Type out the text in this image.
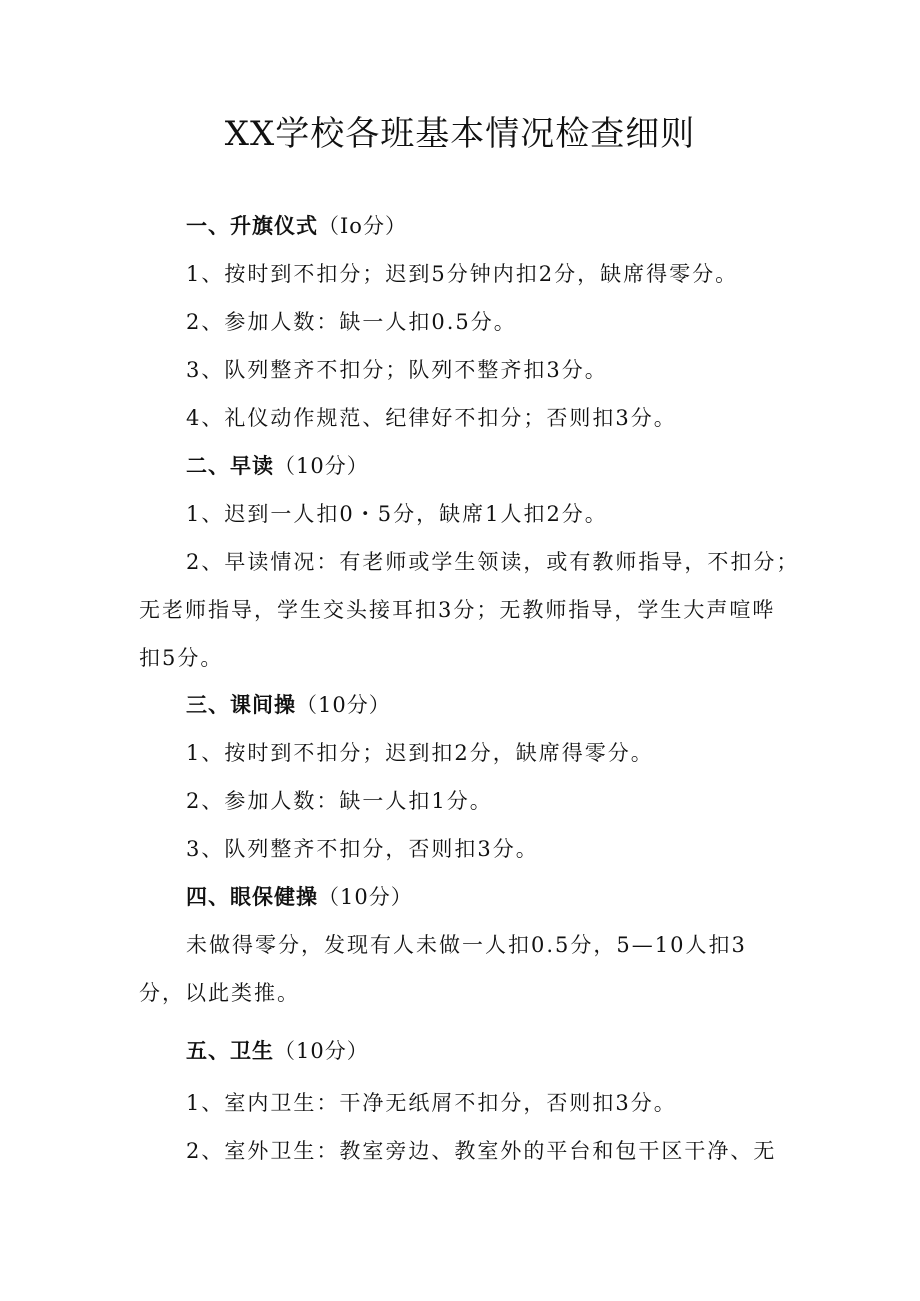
XX学校各班基本情况检查细则
一、升旗仪式（Io分）
1、按时到不扣分；迟到5分钟内扣2分，缺席得零分。
2、参加人数：缺一人扣0.5分。
3、队列整齐不扣分；队列不整齐扣3分。
4、礼仪动作规范、纪律好不扣分；否则扣3分。
二、早读（10分）
1、迟到一人扣0・5分，缺席1人扣2分。
2、早读情况：有老师或学生领读，或有教师指导，不扣分；
无老师指导，学生交头接耳扣3分；无教师指导，学生大声喧哗
扣5分。
三、课间操（10分）
1、按时到不扣分；迟到扣2分，缺席得零分。
2、参加人数：缺一人扣1分。
3、队列整齐不扣分，否则扣3分。
四、眼保健操（10分）
未做得零分，发现有人未做一人扣0.5分，5—10人扣3
分，以此类推。
五、卫生（10分）
1、室内卫生：干净无纸屑不扣分，否则扣3分。
2、室外卫生：教室旁边、教室外的平台和包干区干净、无
